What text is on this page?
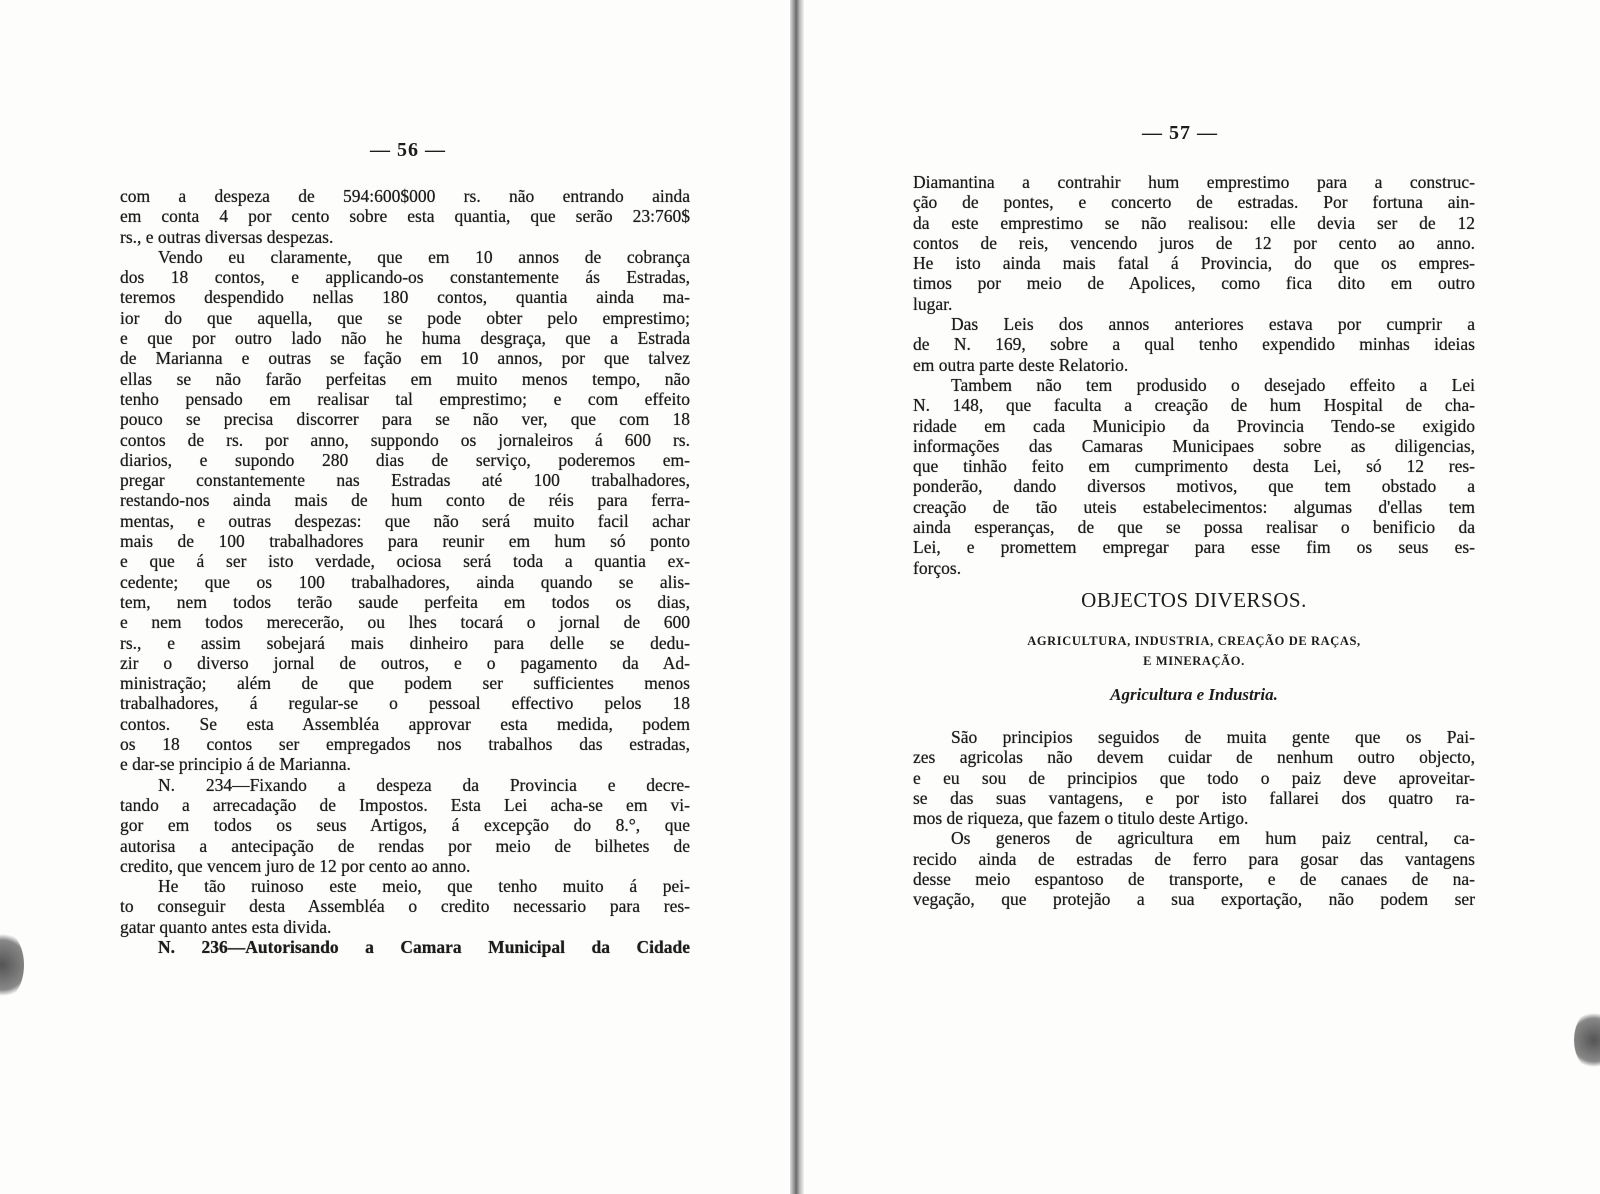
— 56 —
— 57 —
com a despeza de 594:600$000 rs. não entrando ainda
em conta 4 por cento sobre esta quantia, que serão 23:760$
rs., e outras diversas despezas.
Vendo eu claramente, que em 10 annos de cobrança
dos 18 contos, e applicando-os constantemente ás Estradas,
teremos despendido nellas 180 contos, quantia ainda ma-
ior do que aquella, que se pode obter pelo emprestimo;
e que por outro lado não he huma desgraça, que a Estrada
de Marianna e outras se fação em 10 annos, por que talvez
ellas se não farão perfeitas em muito menos tempo, não
tenho pensado em realisar tal emprestimo; e com effeito
pouco se precisa discorrer para se não ver, que com 18
contos de rs. por anno, suppondo os jornaleiros á 600 rs.
diarios, e supondo 280 dias de serviço, poderemos em-
pregar constantemente nas Estradas até 100 trabalhadores,
restando-nos ainda mais de hum conto de réis para ferra-
mentas, e outras despezas: que não será muito facil achar
mais de 100 trabalhadores para reunir em hum só ponto
e que á ser isto verdade, ociosa será toda a quantia ex-
cedente; que os 100 trabalhadores, ainda quando se alis-
tem, nem todos terão saude perfeita em todos os dias,
e nem todos merecerão, ou lhes tocará o jornal de 600
rs., e assim sobejará mais dinheiro para delle se dedu-
zir o diverso jornal de outros, e o pagamento da Ad-
ministração; além de que podem ser sufficientes menos
trabalhadores, á regular-se o pessoal effectivo pelos 18
contos. Se esta Assembléa approvar esta medida, podem
os 18 contos ser empregados nos trabalhos das estradas,
e dar-se principio á de Marianna.
N. 234—Fixando a despeza da Provincia e decre-
tando a arrecadação de Impostos. Esta Lei acha-se em vi-
gor em todos os seus Artigos, á excepção do 8.°, que
autorisa a antecipação de rendas por meio de bilhetes de
credito, que vencem juro de 12 por cento ao anno.
He tão ruinoso este meio, que tenho muito á pei-
to conseguir desta Assembléa o credito necessario para res-
gatar quanto antes esta divida.
N. 236—Autorisando a Camara Municipal da Cidade
Diamantina a contrahir hum emprestimo para a construc-
ção de pontes, e concerto de estradas. Por fortuna ain-
da este emprestimo se não realisou: elle devia ser de 12
contos de reis, vencendo juros de 12 por cento ao anno.
He isto ainda mais fatal á Provincia, do que os empres-
timos por meio de Apolices, como fica dito em outro
lugar.
Das Leis dos annos anteriores estava por cumprir a
de N. 169, sobre a qual tenho expendido minhas ideias
em outra parte deste Relatorio.
Tambem não tem produsido o desejado effeito a Lei
N. 148, que faculta a creação de hum Hospital de cha-
ridade em cada Municipio da Provincia Tendo-se exigido
informações das Camaras Municipaes sobre as diligencias,
que tinhão feito em cumprimento desta Lei, só 12 res-
ponderão, dando diversos motivos, que tem obstado a
creação de tão uteis estabelecimentos: algumas d'ellas tem
ainda esperanças, de que se possa realisar o benificio da
Lei, e promettem empregar para esse fim os seus es-
forços.
OBJECTOS DIVERSOS.
AGRICULTURA, INDUSTRIA, CREAÇÃO DE RAÇAS,
E MINERAÇÃO.
Agricultura e Industria.
São principios seguidos de muita gente que os Pai-
zes agricolas não devem cuidar de nenhum outro objecto,
e eu sou de principios que todo o paiz deve aproveitar-
se das suas vantagens, e por isto fallarei dos quatro ra-
mos de riqueza, que fazem o titulo deste Artigo.
Os generos de agricultura em hum paiz central, ca-
recido ainda de estradas de ferro para gosar das vantagens
desse meio espantoso de transporte, e de canaes de na-
vegação, que protejão a sua exportação, não podem ser
